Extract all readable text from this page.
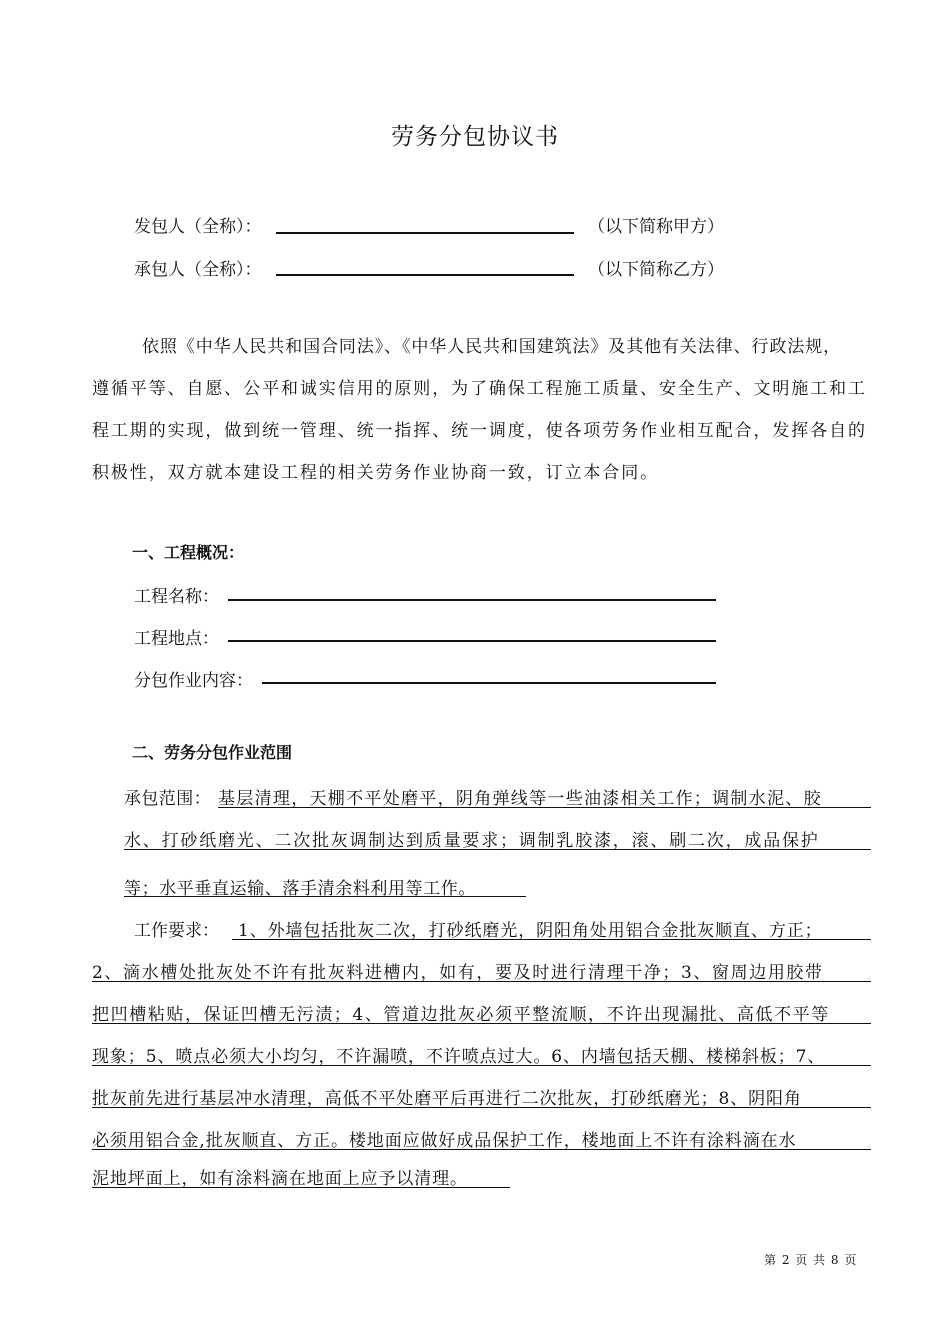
劳务分包协议书
发包人（全称）：	（以下简称甲方）
承包人（全称）：	（以下简称乙方）
依照《中华人民共和国合同法》、《中华人民共和国建筑法》及其他有关法律、行政法规，
遵循平等、自愿、公平和诚实信用的原则，为了确保工程施工质量、安全生产、文明施工和工
程工期的实现，做到统一管理、统一指挥、统一调度，使各项劳务作业相互配合，发挥各自的
积极性，双方就本建设工程的相关劳务作业协商一致，订立本合同。
一、工程概况：
工程名称：
工程地点：
分包作业内容：
二、劳务分包作业范围
承包范围： 基层清理，天棚不平处磨平，阴角弹线等一些油漆相关工作；调制水泥、胶
水、打砂纸磨光、二次批灰调制达到质量要求；调制乳胶漆，滚、刷二次，成品保护
等；水平垂直运输、落手清余料利用等工作。
工作要求： 1、外墙包括批灰二次，打砂纸磨光，阴阳角处用铝合金批灰顺直、方正；
2、滴水槽处批灰处不许有批灰料进槽内，如有，要及时进行清理干净；3、窗周边用胶带
把凹槽粘贴，保证凹槽无污渍；4、管道边批灰必须平整流顺，不许出现漏批、高低不平等
现象；5、喷点必须大小均匀，不许漏喷，不许喷点过大。6、内墙包括天棚、楼梯斜板；7、
批灰前先进行基层冲水清理，高低不平处磨平后再进行二次批灰，打砂纸磨光；8、阴阳角
必须用铝合金,批灰顺直、方正。楼地面应做好成品保护工作，楼地面上不许有涂料滴在水
泥地坪面上，如有涂料滴在地面上应予以清理。
第 2 页 共 8 页
